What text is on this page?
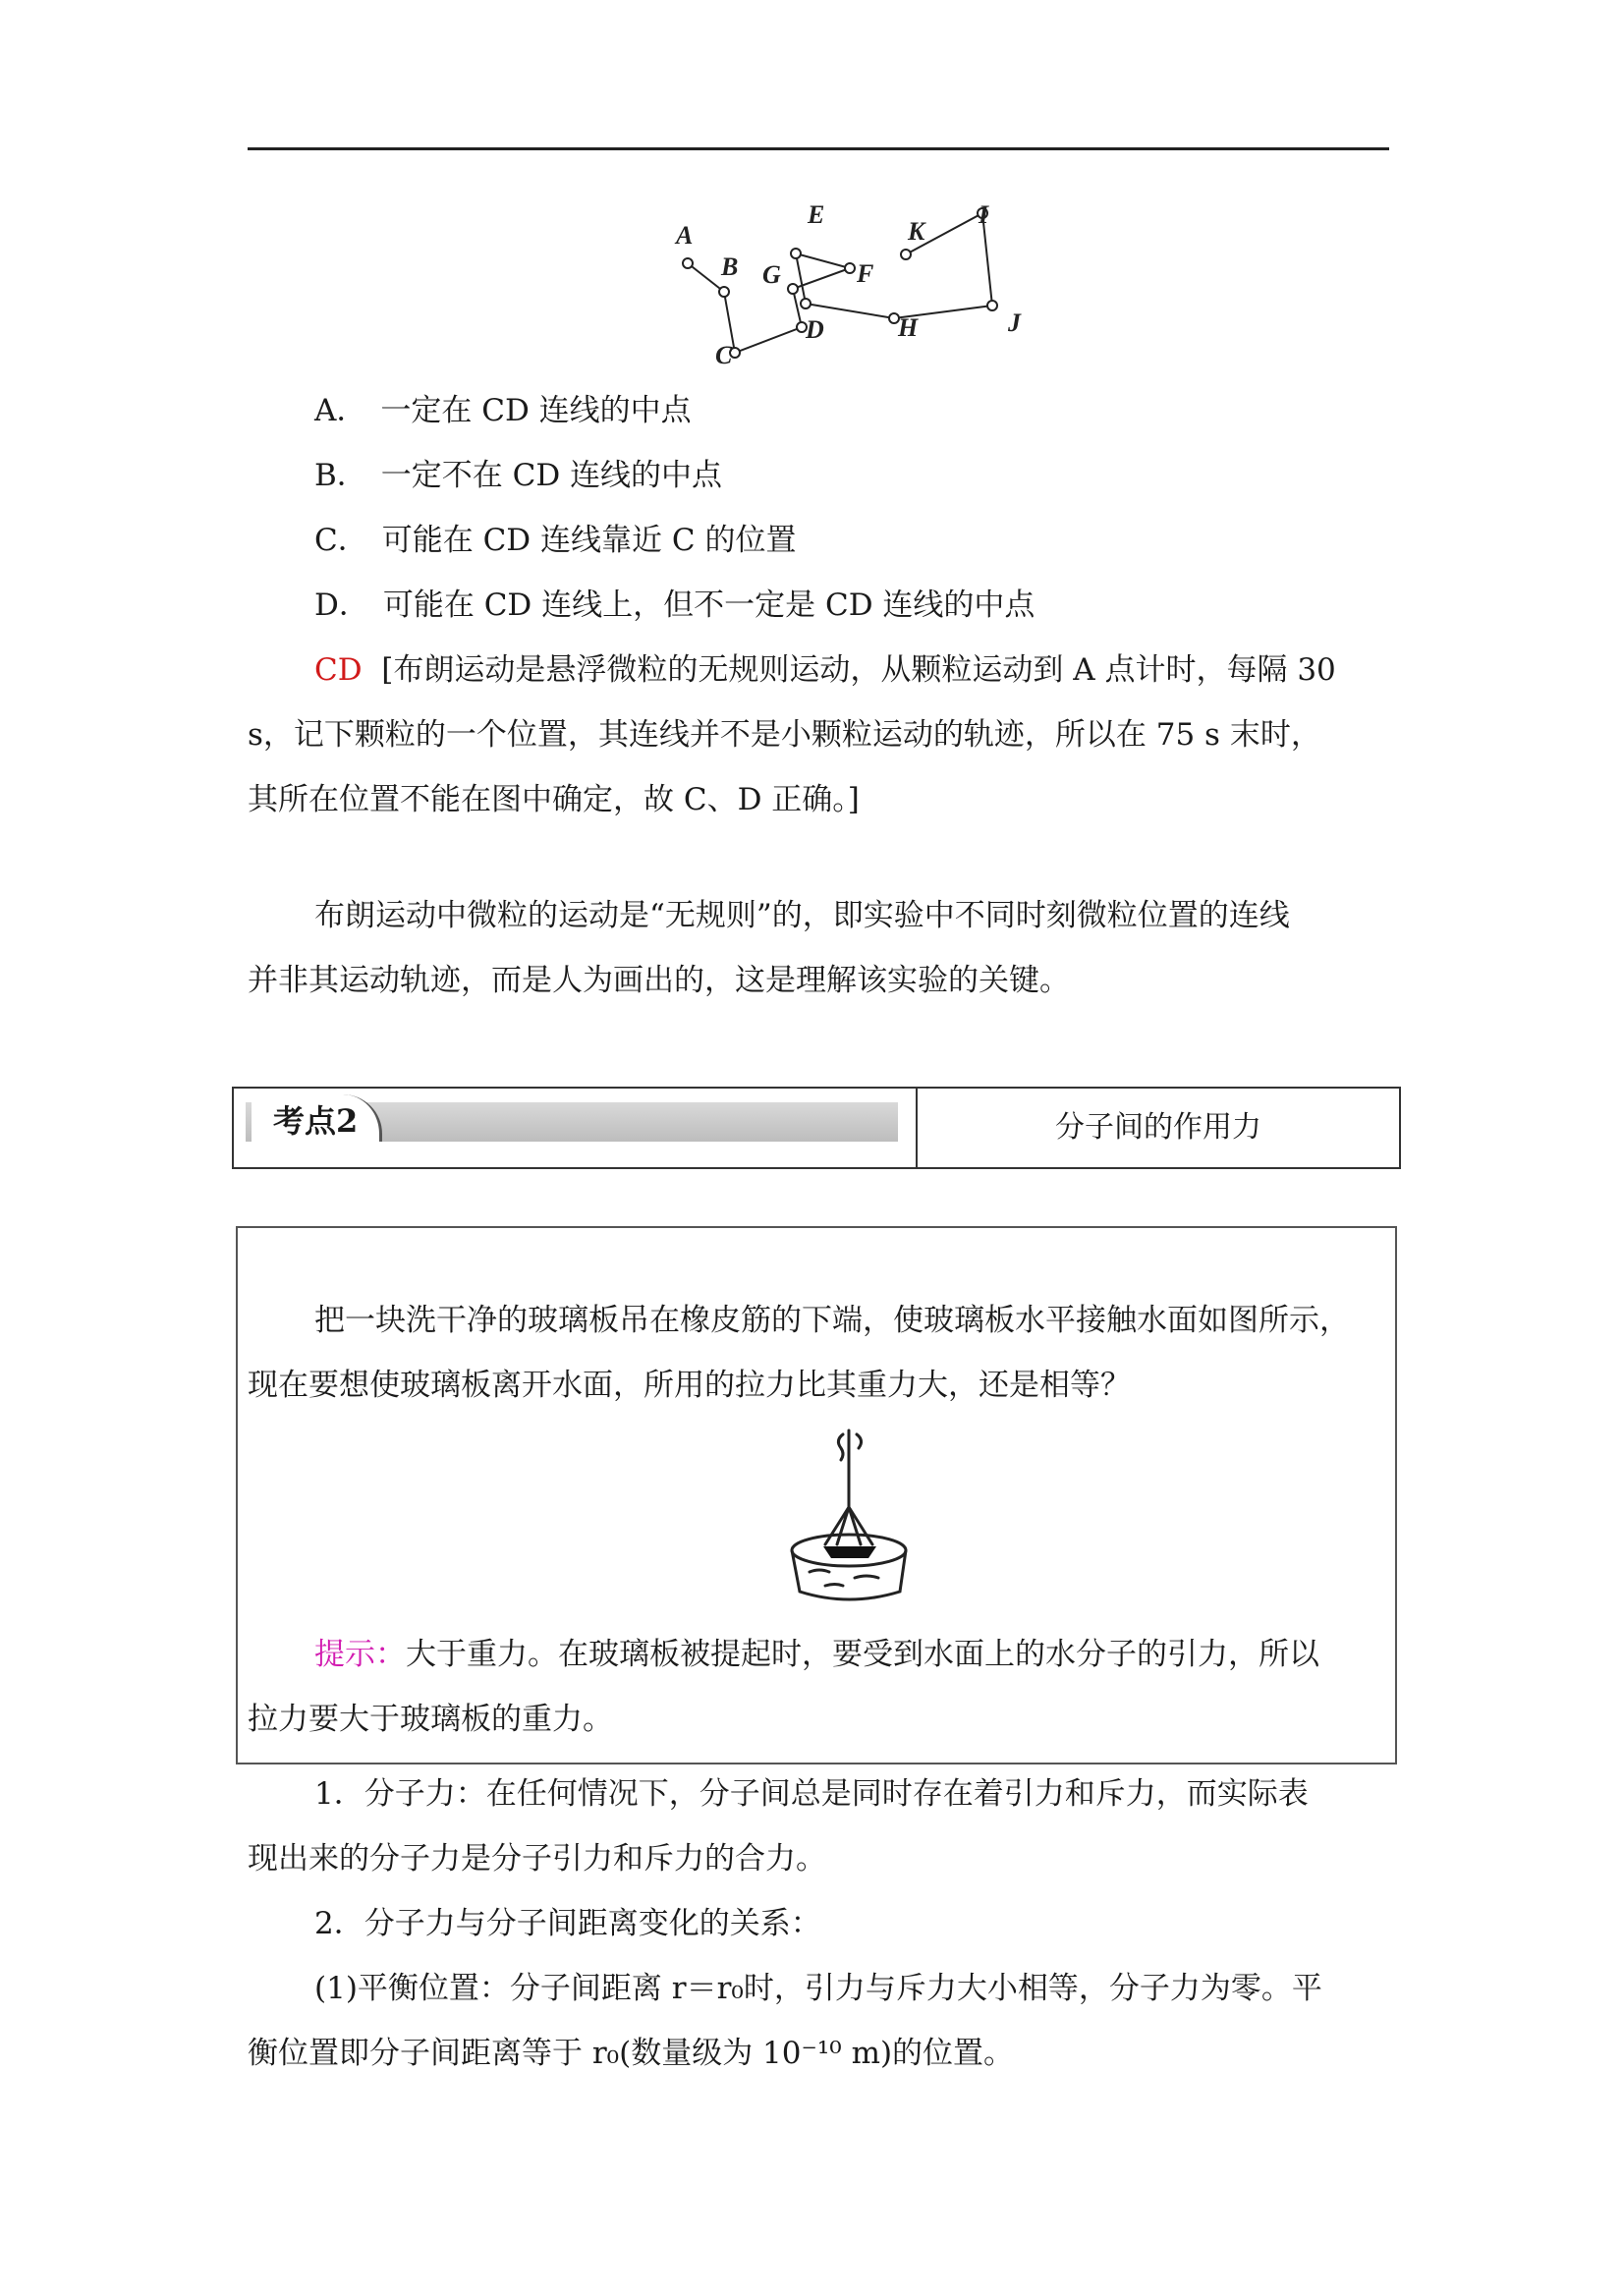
A
B
C
D
E
F
G
H
I
J
K
A． 一定在 CD 连线的中点
B． 一定不在 CD 连线的中点
C． 可能在 CD 连线靠近 C 的位置
D． 可能在 CD 连线上，但不一定是 CD 连线的中点
CD [布朗运动是悬浮微粒的无规则运动，从颗粒运动到 A 点计时，每隔 30
s，记下颗粒的一个位置，其连线并不是小颗粒运动的轨迹，所以在 75 s 末时，
其所在位置不能在图中确定，故 C、D 正确。]
布朗运动中微粒的运动是“无规则”的，即实验中不同时刻微粒位置的连线
并非其运动轨迹，而是人为画出的，这是理解该实验的关键。
考点2	分子间的作用力
把一块洗干净的玻璃板吊在橡皮筋的下端，使玻璃板水平接触水面如图所示，
现在要想使玻璃板离开水面，所用的拉力比其重力大，还是相等？
提示：大于重力。在玻璃板被提起时，要受到水面上的水分子的引力，所以
拉力要大于玻璃板的重力。
1．分子力：在任何情况下，分子间总是同时存在着引力和斥力，而实际表
现出来的分子力是分子引力和斥力的合力。
2．分子力与分子间距离变化的关系：
(1)平衡位置：分子间距离 r＝r₀时，引力与斥力大小相等，分子力为零。平
衡位置即分子间距离等于 r₀(数量级为 10⁻¹⁰ m)的位置。
